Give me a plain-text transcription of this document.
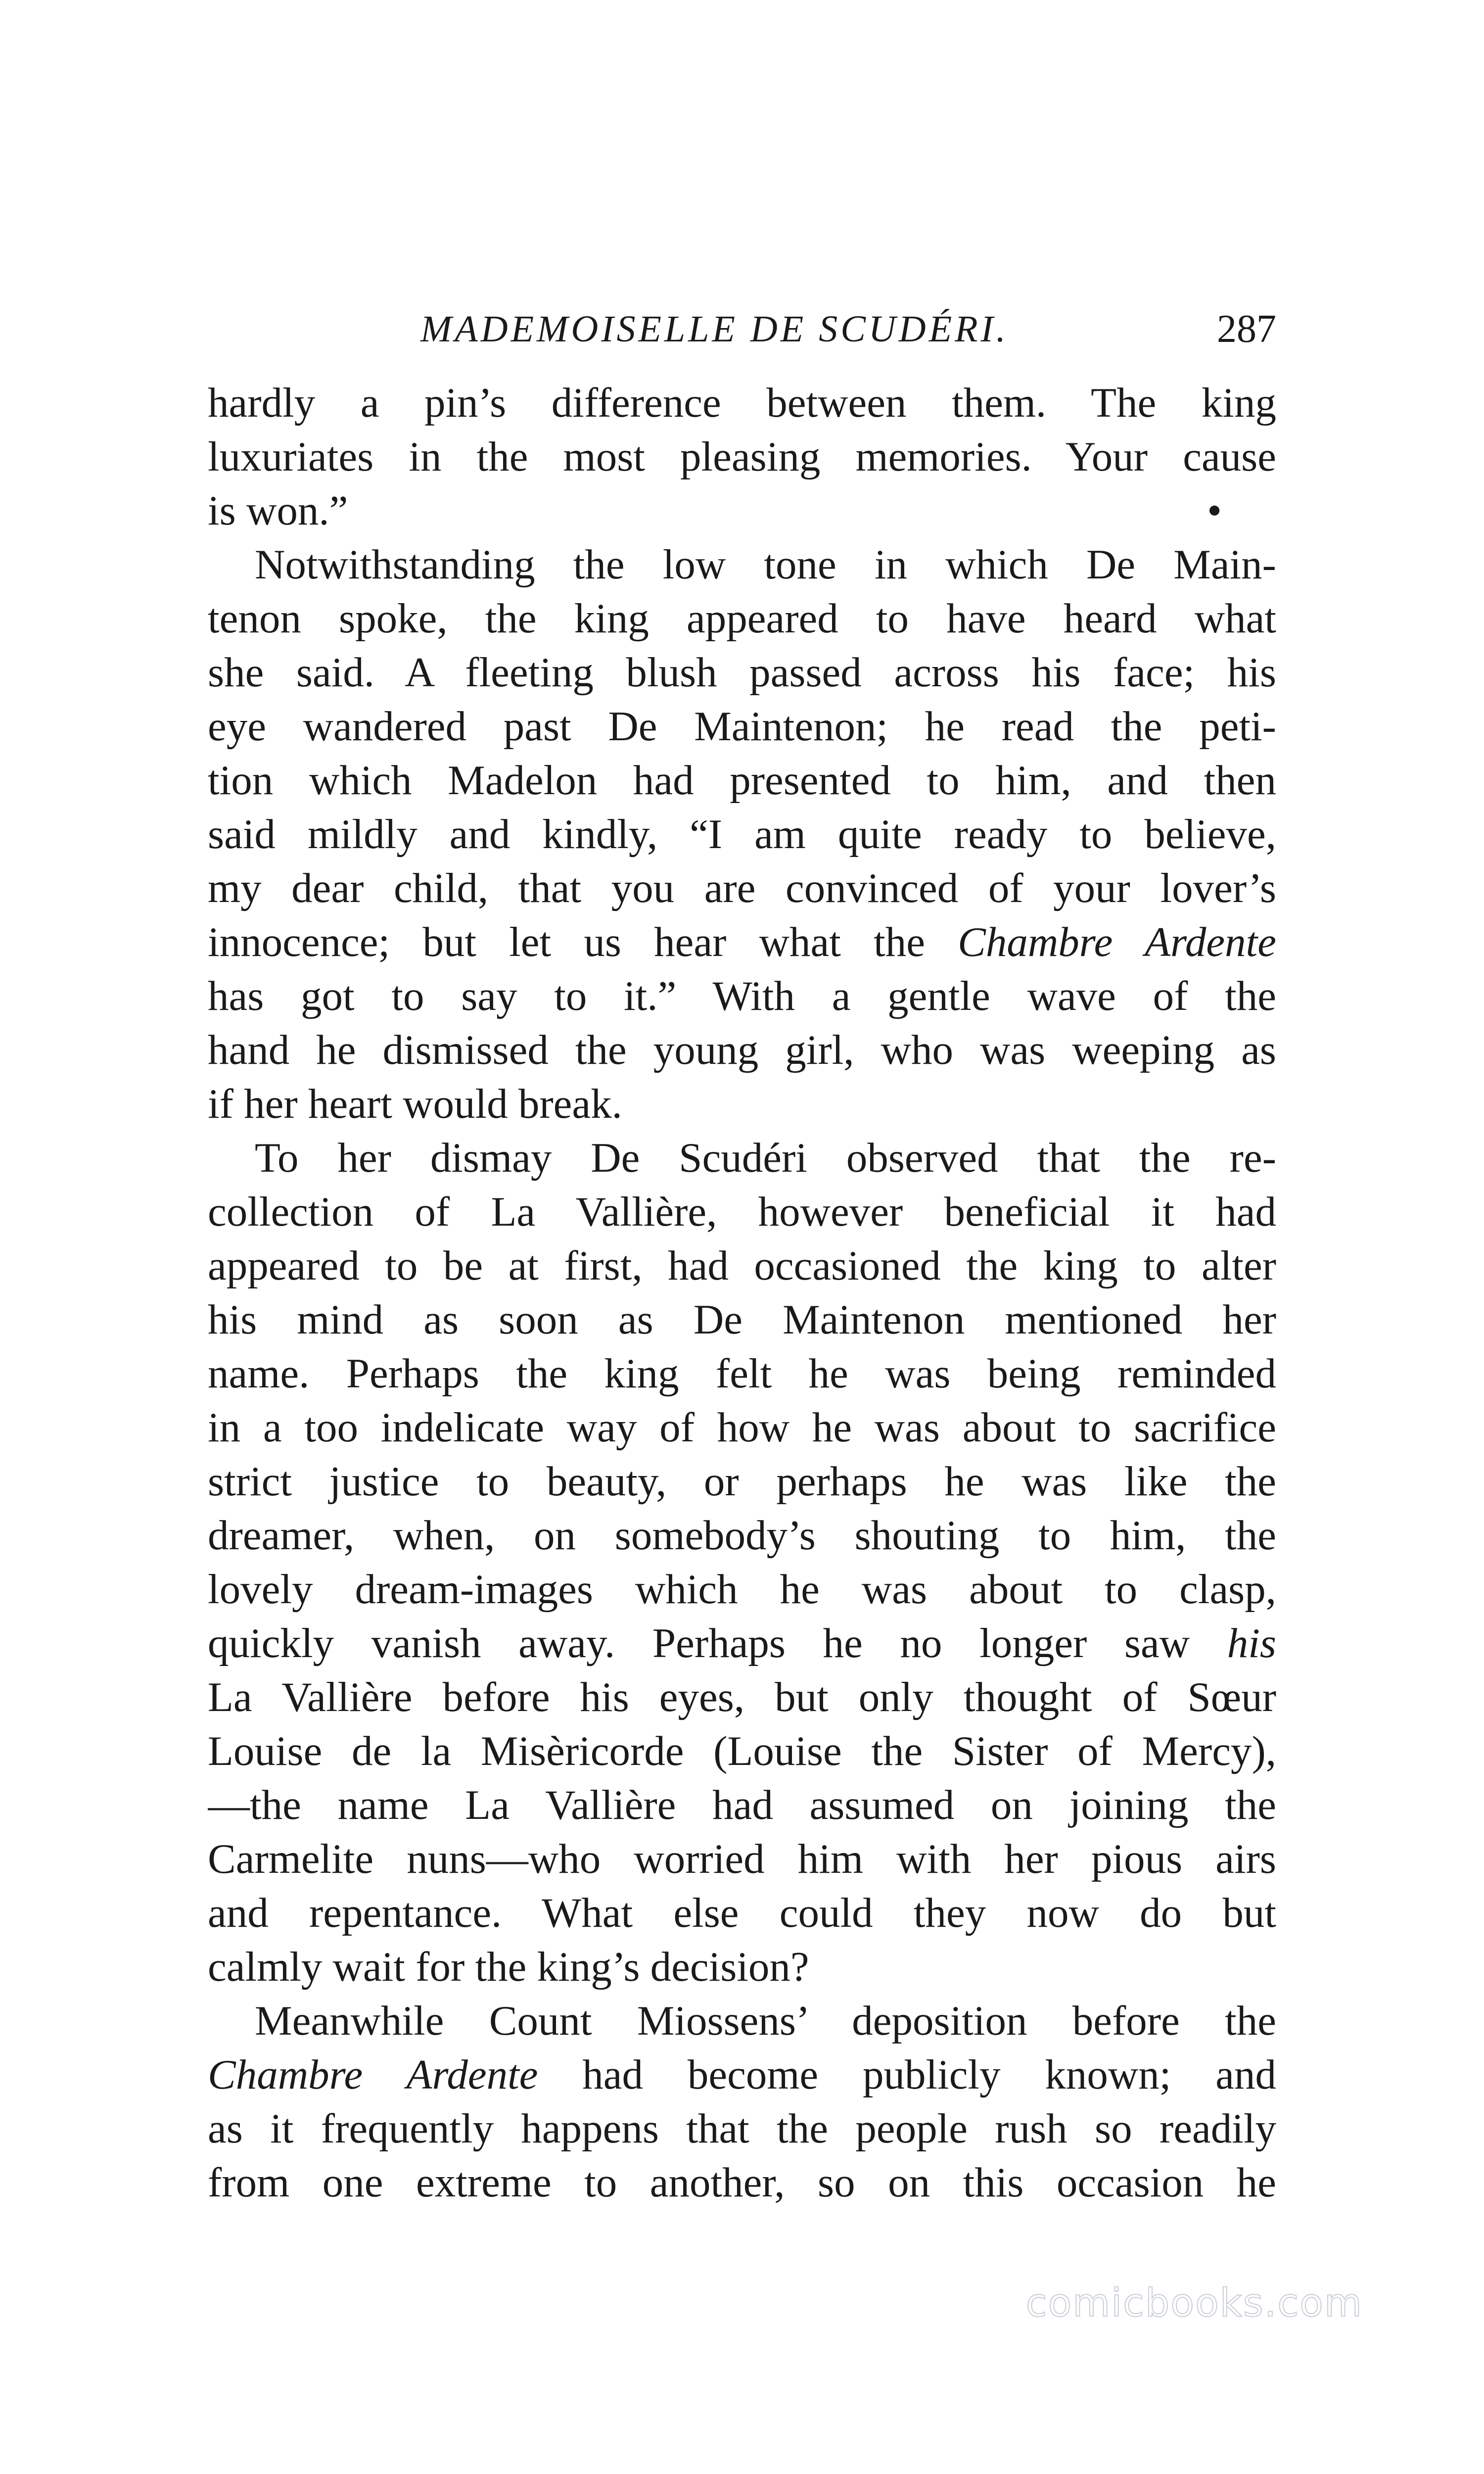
MADEMOISELLE DE SCUDÉRI.	287
hardly a pin’s difference between them. The king
luxuriates in the most pleasing memories. Your cause
•
is won.”
Notwithstanding the low tone in which De Main-
tenon spoke, the king appeared to have heard what
she said. A fleeting blush passed across his face; his
eye wandered past De Maintenon; he read the peti-
tion which Madelon had presented to him, and then
said mildly and kindly, “I am quite ready to believe,
my dear child, that you are convinced of your lover’s
innocence; but let us hear what the Chambre Ardente
has got to say to it.” With a gentle wave of the
hand he dismissed the young girl, who was weeping as
if her heart would break.
To her dismay De Scudéri observed that the re-
collection of La Vallière, however beneficial it had
appeared to be at first, had occasioned the king to alter
his mind as soon as De Maintenon mentioned her
name. Perhaps the king felt he was being reminded
in a too indelicate way of how he was about to sacrifice
strict justice to beauty, or perhaps he was like the
dreamer, when, on somebody’s shouting to him, the
lovely dream-images which he was about to clasp,
quickly vanish away. Perhaps he no longer saw his
La Vallière before his eyes, but only thought of Sœur
Louise de la Misèricorde (Louise the Sister of Mercy),
—the name La Vallière had assumed on joining the
Carmelite nuns—who worried him with her pious airs
and repentance. What else could they now do but
calmly wait for the king’s decision?
Meanwhile Count Miossens’ deposition before the
Chambre Ardente had become publicly known; and
as it frequently happens that the people rush so readily
from one extreme to another, so on this occasion he
comicbooks.com
